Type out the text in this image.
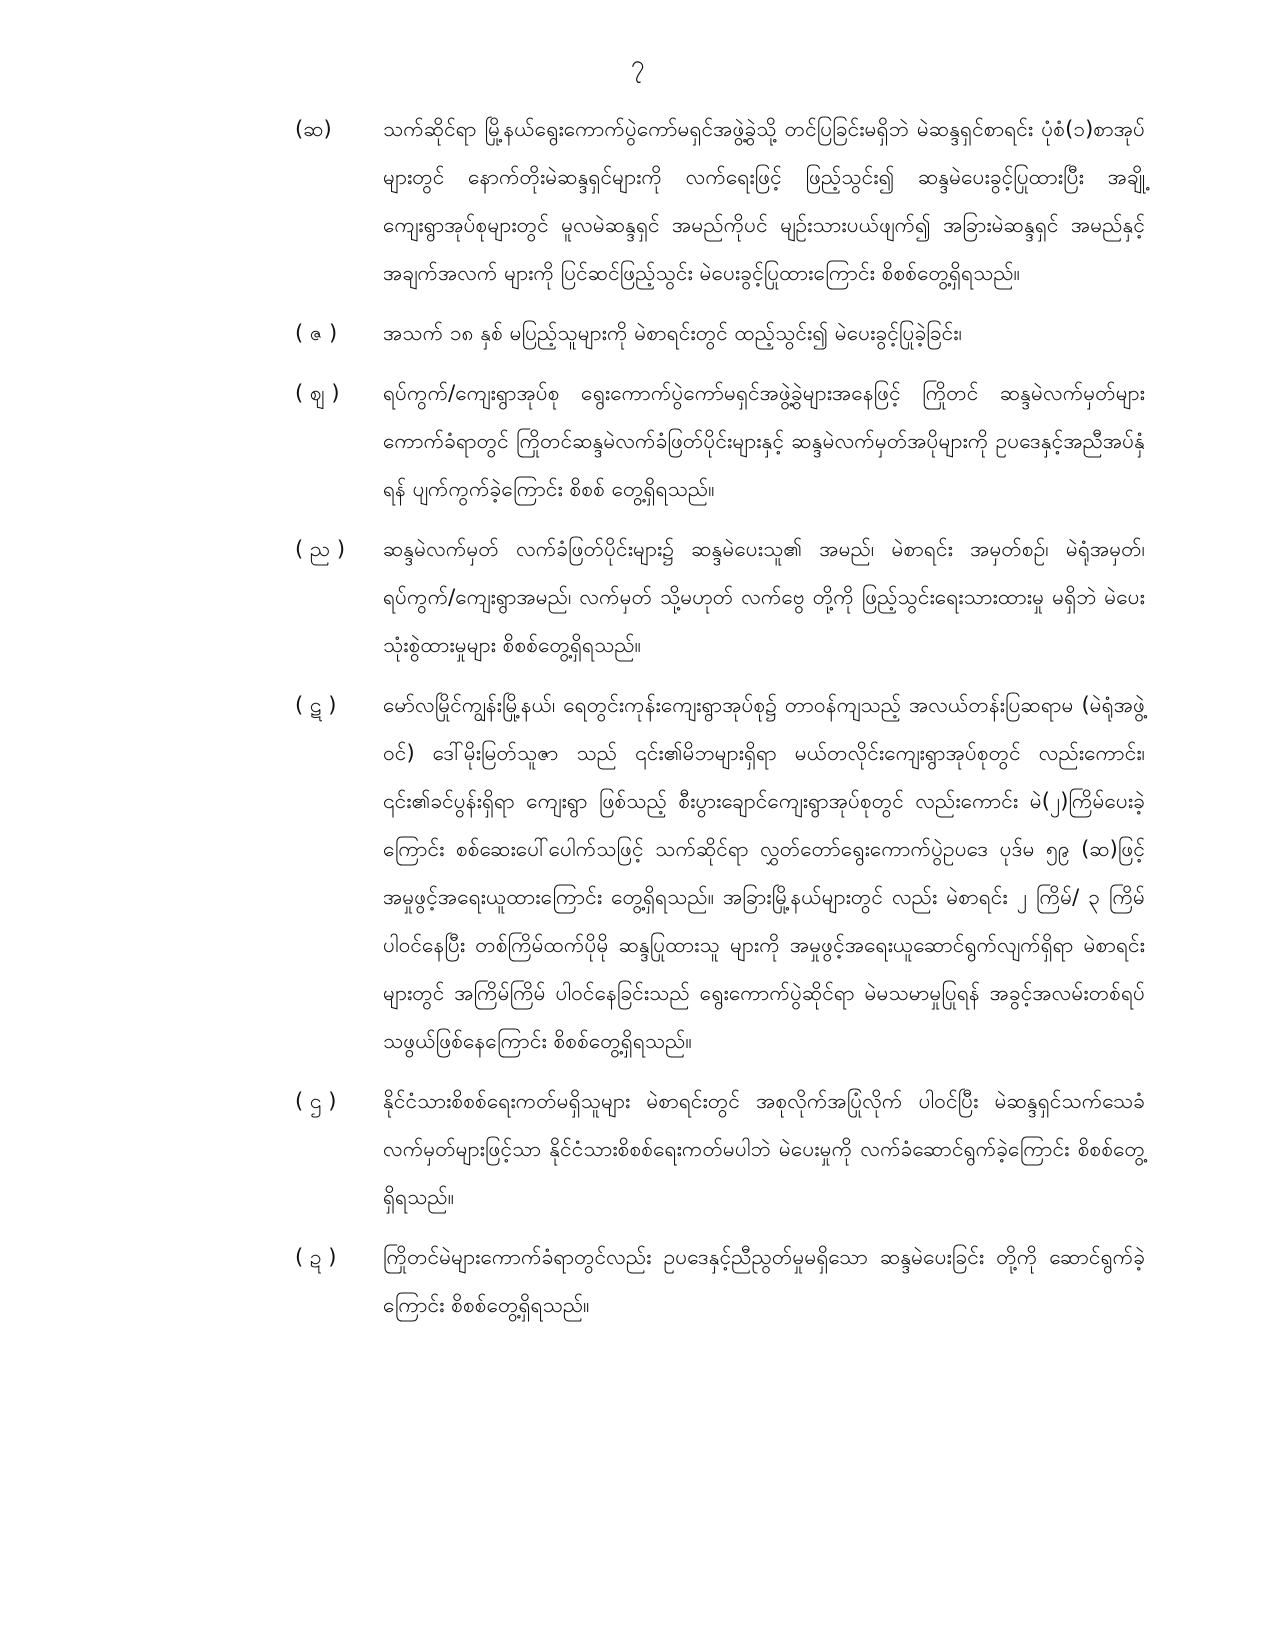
၇
(ဆ)	သက်ဆိုင်ရာ မြို့နယ်ရွေးကောက်ပွဲကော်မရှင်အဖွဲ့ခွဲသို့ တင်ပြခြင်းမရှိဘဲ မဲဆန္ဒရှင်စာရင်း ပုံစံ(၁)စာအုပ်များတွင် နောက်တိုးမဲဆန္ဒရှင်များကို လက်ရေးဖြင့် ဖြည့်သွင်း၍ ဆန္ဒမဲပေးခွင့်ပြုထားပြီး အချို့ကျေးရွာအုပ်စုများတွင် မူလမဲဆန္ဒရှင် အမည်ကိုပင် မျဉ်းသားပယ်ဖျက်၍ အခြားမဲဆန္ဒရှင် အမည်နှင့် အချက်အလက် များကို ပြင်ဆင်ဖြည့်သွင်း မဲပေးခွင့်ပြုထားကြောင်း စိစစ်တွေ့ရှိရသည်။
( ဇ )	အသက် ၁၈ နှစ် မပြည့်သူများကို မဲစာရင်းတွင် ထည့်သွင်း၍ မဲပေးခွင့်ပြုခဲ့ခြင်း၊
( ဈ )	ရပ်ကွက်/ကျေးရွာအုပ်စု ရွေးကောက်ပွဲကော်မရှင်အဖွဲ့ခွဲများအနေဖြင့် ကြိုတင် ဆန္ဒမဲလက်မှတ်များ ကောက်ခံရာတွင် ကြိုတင်ဆန္ဒမဲလက်ခံဖြတ်ပိုင်းများနှင့် ဆန္ဒမဲလက်မှတ်အပိုများကို ဥပဒေနှင့်အညီအပ်နှံရန် ပျက်ကွက်ခဲ့ကြောင်း စိစစ် တွေ့ရှိရသည်။
( ည )	ဆန္ဒမဲလက်မှတ် လက်ခံဖြတ်ပိုင်းများ၌ ဆန္ဒမဲပေးသူ၏ အမည်၊ မဲစာရင်း အမှတ်စဉ်၊ မဲရုံအမှတ်၊ ရပ်ကွက်/ကျေးရွာအမည်၊ လက်မှတ် သို့မဟုတ် လက်ဗွေ တို့ကို ဖြည့်သွင်းရေးသားထားမှု မရှိဘဲ မဲပေးသုံးစွဲထားမှုများ စိစစ်တွေ့ရှိရသည်။
( ဋ )	မော်လမြိုင်ကျွန်းမြို့နယ်၊ ရေတွင်းကုန်းကျေးရွာအုပ်စု၌ တာဝန်ကျသည့် အလယ်တန်းပြဆရာမ (မဲရုံအဖွဲ့ဝင်) ဒေါ်မိုးမြတ်သူဇာ သည် ၎င်း၏မိဘများရှိရာ မယ်တလိုင်းကျေးရွာအုပ်စုတွင် လည်းကောင်း၊ ၎င်း၏ခင်ပွန်းရှိရာ ကျေးရွာ ဖြစ်သည့် စီးပွားချောင်ကျေးရွာအုပ်စုတွင် လည်းကောင်း မဲ(၂)ကြိမ်ပေးခဲ့ကြောင်း စစ်ဆေးပေါ်ပေါက်သဖြင့် သက်ဆိုင်ရာ လွှတ်တော်ရွေးကောက်ပွဲဥပဒေ ပုဒ်မ ၅၉ (ဆ)ဖြင့် အမှုဖွင့်အရေးယူထားကြောင်း တွေ့ရှိရသည်။ အခြားမြို့နယ်များတွင် လည်း မဲစာရင်း ၂ ကြိမ်/ ၃ ကြိမ်ပါဝင်နေပြီး တစ်ကြိမ်ထက်ပိုမို ဆန္ဒပြုထားသူ များကို အမှုဖွင့်အရေးယူဆောင်ရွက်လျက်ရှိရာ မဲစာရင်းများတွင် အကြိမ်ကြိမ် ပါဝင်နေခြင်းသည် ရွေးကောက်ပွဲဆိုင်ရာ မဲမသမာမှုပြုရန် အခွင့်အလမ်းတစ်ရပ် သဖွယ်ဖြစ်နေကြောင်း စိစစ်တွေ့ရှိရသည်။
( ဌ )	နိုင်ငံသားစိစစ်ရေးကတ်မရှိသူများ မဲစာရင်းတွင် အစုလိုက်အပြုံလိုက် ပါဝင်ပြီး မဲဆန္ဒရှင်သက်သေခံလက်မှတ်များဖြင့်သာ နိုင်ငံသားစိစစ်ရေးကတ်မပါဘဲ မဲပေးမှုကို လက်ခံဆောင်ရွက်ခဲ့ကြောင်း စိစစ်တွေ့ရှိရသည်။
( ဍ )	ကြိုတင်မဲများကောက်ခံရာတွင်လည်း ဥပဒေနှင့်ညီညွတ်မှုမရှိသော ဆန္ဒမဲပေးခြင်း တို့ကို ဆောင်ရွက်ခဲ့ကြောင်း စိစစ်တွေ့ရှိရသည်။
